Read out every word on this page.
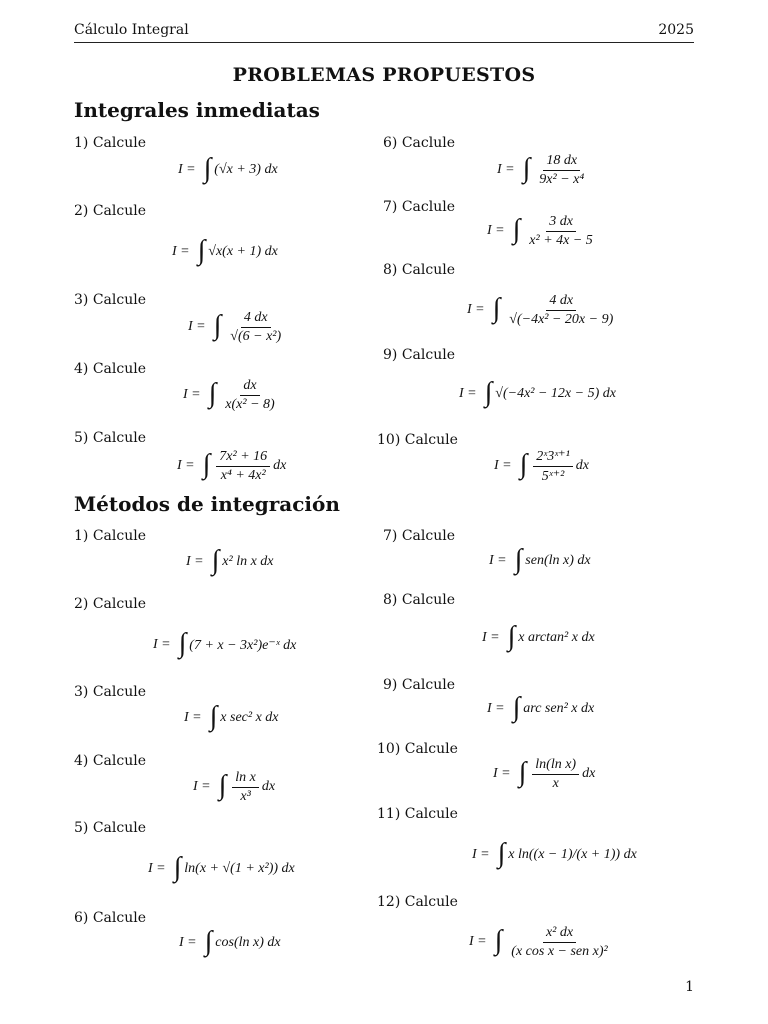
Cálculo Integral	2025
PROBLEMAS PROPUESTOS
Integrales inmediatas
Métodos de integración
1) Calcule
I = ∫ (√x + 3) dx
2) Calcule
I = ∫ √x(x + 1) dx
3) Calcule
I = ∫ $\frac{4 dx}{\text{√(6 − x²)}}$
4) Calcule
I = ∫ $\frac{dx}{\text{x(x² − 8)}}$
5) Calcule
I = ∫ $\frac{\text{7x² + 16}}{\text{x⁴ + 4x²}}$ dx
6) Caclule
I = ∫ $\frac{18 dx}{\text{9x² − x⁴}}$
7) Caclule
I = ∫ $\frac{3 dx}{\text{x² + 4x − 5}}$
8) Calcule
I = ∫ $\frac{4 dx}{\text{√(−4x² − 20x − 9)}}$
9) Calcule
I = ∫ √(−4x² − 12x − 5) dx
10) Calcule
I = ∫ $\frac{\text{2ˣ3ˣ⁺¹}}{\text{5ˣ⁺²}}$ dx
1) Calcule
I = ∫ x² ln x dx
2) Calcule
I = ∫ (7 + x − 3x²)e⁻ˣ dx
3) Calcule
I = ∫ x sec² x dx
4) Calcule
I = ∫ $\frac{\text{ln x}}{\text{x³}}$ dx
5) Calcule
I = ∫ ln(x + √(1 + x²)) dx
6) Calcule
I = ∫ cos(ln x) dx
7) Calcule
I = ∫ sen(ln x) dx
8) Calcule
I = ∫ x arctan² x dx
9) Calcule
I = ∫ arc sen² x dx
10) Calcule
I = ∫ $\frac{\text{ln(ln x)}}{x}$ dx
11) Calcule
I = ∫ x ln((x − 1)/(x + 1)) dx
12) Calcule
I = ∫ $\frac{\text{x² dx}}{\text{(x cos x − sen x)²}}$
1
